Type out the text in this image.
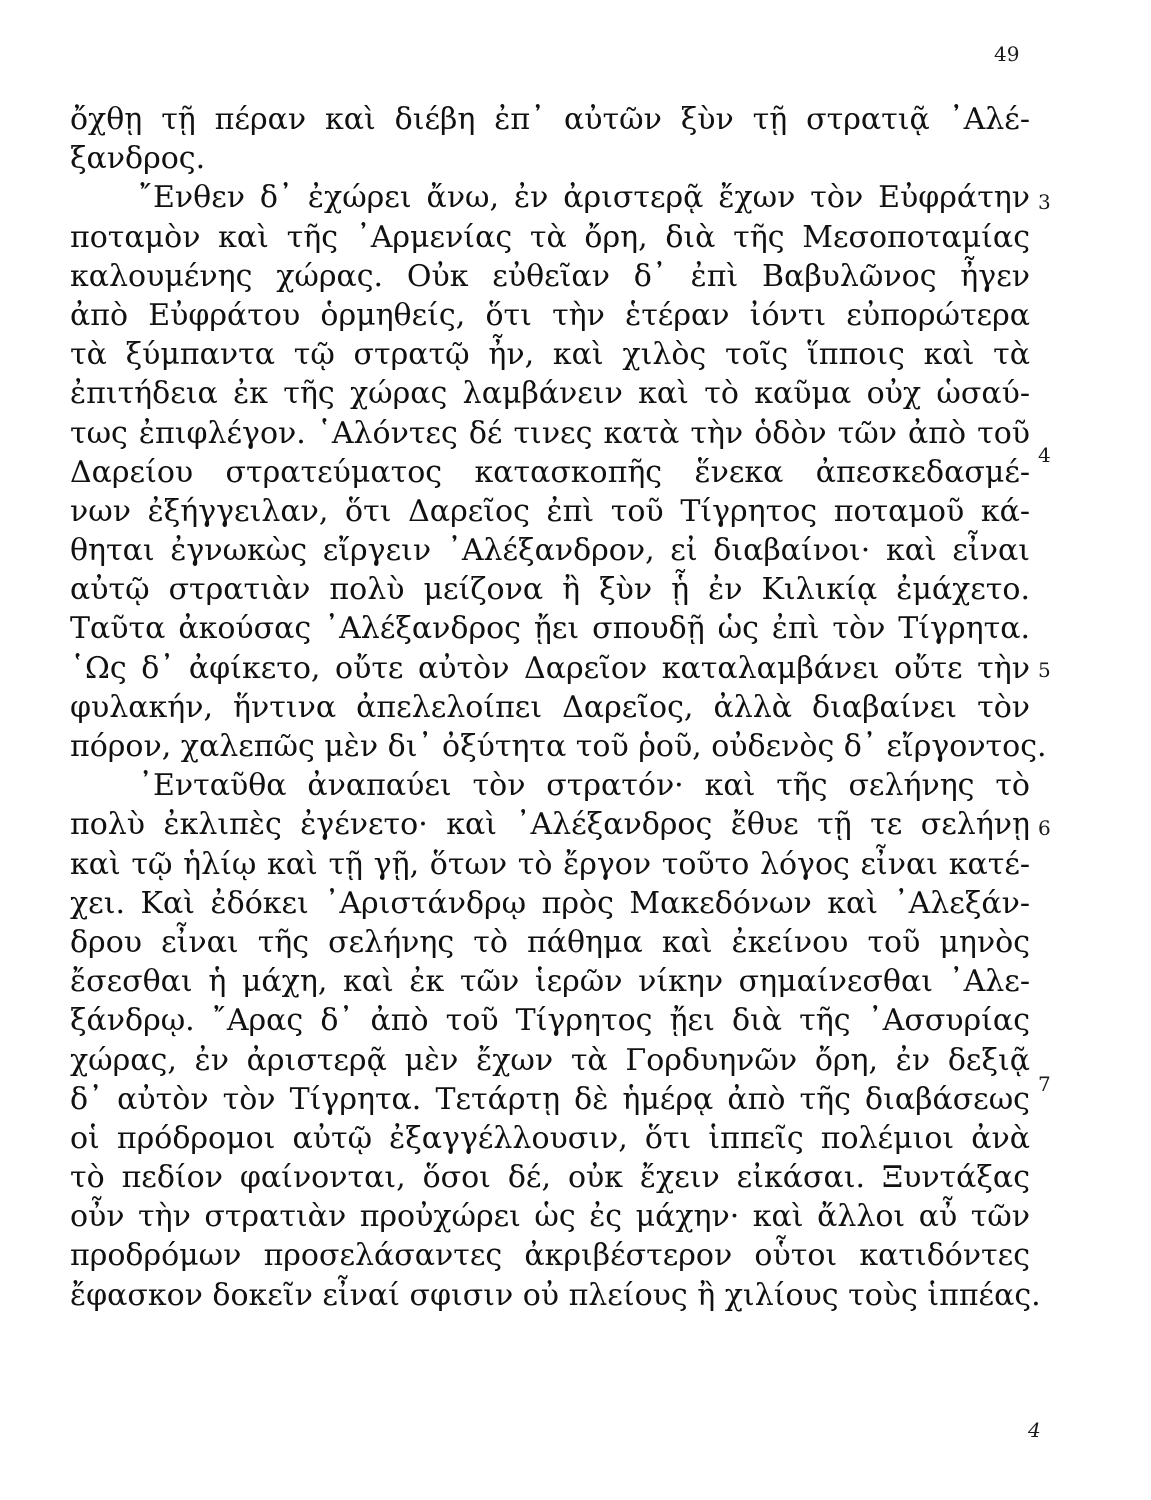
49
ὄχθῃ τῇ πέραν καὶ διέβη ἐπ᾽ αὐτῶν ξὺν τῇ στρατιᾷ ᾽Αλέ-
ξανδρος.
῎Ενθεν δ᾽ ἐχώρει ἄνω, ἐν ἀριστερᾷ ἔχων τὸν Εὐφράτην
ποταμὸν καὶ τῆς ᾽Αρμενίας τὰ ὄρη, διὰ τῆς Μεσοποταμίας
καλουμένης χώρας. Οὐκ εὐθεῖαν δ᾽ ἐπὶ Βαβυλῶνος ἦγεν
ἀπὸ Εὐφράτου ὁρμηθείς, ὅτι τὴν ἑτέραν ἰόντι εὐπορώτερα
τὰ ξύμπαντα τῷ στρατῷ ἦν, καὶ χιλὸς τοῖς ἵπποις καὶ τὰ
ἐπιτήδεια ἐκ τῆς χώρας λαμβάνειν καὶ τὸ καῦμα οὐχ ὡσαύ-
τως ἐπιφλέγον. ῾Αλόντες δέ τινες κατὰ τὴν ὁδὸν τῶν ἀπὸ τοῦ
Δαρείου στρατεύματος κατασκοπῆς ἕνεκα ἀπεσκεδασμέ-
νων ἐξήγγειλαν, ὅτι Δαρεῖος ἐπὶ τοῦ Τίγρητος ποταμοῦ κά-
θηται ἐγνωκὼς εἴργειν ᾽Αλέξανδρον, εἰ διαβαίνοι· καὶ εἶναι
αὐτῷ στρατιὰν πολὺ μείζονα ἢ ξὺν ᾗ ἐν Κιλικίᾳ ἐμάχετο.
Ταῦτα ἀκούσας ᾽Αλέξανδρος ᾔει σπουδῇ ὡς ἐπὶ τὸν Τίγρητα.
῾Ως δ᾽ ἀφίκετο, οὔτε αὐτὸν Δαρεῖον καταλαμβάνει οὔτε τὴν
φυλακήν, ἥντινα ἀπελελοίπει Δαρεῖος, ἀλλὰ διαβαίνει τὸν
πόρον, χαλεπῶς μὲν δι᾽ ὀξύτητα τοῦ ῥοῦ, οὐδενὸς δ᾽ εἴργοντος.
᾽Ενταῦθα ἀναπαύει τὸν στρατόν· καὶ τῆς σελήνης τὸ
πολὺ ἐκλιπὲς ἐγένετο· καὶ ᾽Αλέξανδρος ἔθυε τῇ τε σελήνῃ
καὶ τῷ ἡλίῳ καὶ τῇ γῇ, ὅτων τὸ ἔργον τοῦτο λόγος εἶναι κατέ-
χει. Καὶ ἐδόκει ᾽Αριστάνδρῳ πρὸς Μακεδόνων καὶ ᾽Αλεξάν-
δρου εἶναι τῆς σελήνης τὸ πάθημα καὶ ἐκείνου τοῦ μηνὸς
ἔσεσθαι ἡ μάχη, καὶ ἐκ τῶν ἱερῶν νίκην σημαίνεσθαι ᾽Αλε-
ξάνδρῳ. ῎Αρας δ᾽ ἀπὸ τοῦ Τίγρητος ᾔει διὰ τῆς ᾽Ασσυρίας
χώρας, ἐν ἀριστερᾷ μὲν ἔχων τὰ Γορδυηνῶν ὄρη, ἐν δεξιᾷ
δ᾽ αὐτὸν τὸν Τίγρητα. Τετάρτῃ δὲ ἡμέρᾳ ἀπὸ τῆς διαβάσεως
οἱ πρόδρομοι αὐτῷ ἐξαγγέλλουσιν, ὅτι ἱππεῖς πολέμιοι ἀνὰ
τὸ πεδίον φαίνονται, ὅσοι δέ, οὐκ ἔχειν εἰκάσαι. Ξυντάξας
οὖν τὴν στρατιὰν προὐχώρει ὡς ἐς μάχην· καὶ ἄλλοι αὖ τῶν
προδρόμων προσελάσαντες ἀκριβέστερον οὗτοι κατιδόντες
ἔφασκον δοκεῖν εἶναί σφισιν οὐ πλείους ἢ χιλίους τοὺς ἱππέας.
3
4
5
6
7
4
